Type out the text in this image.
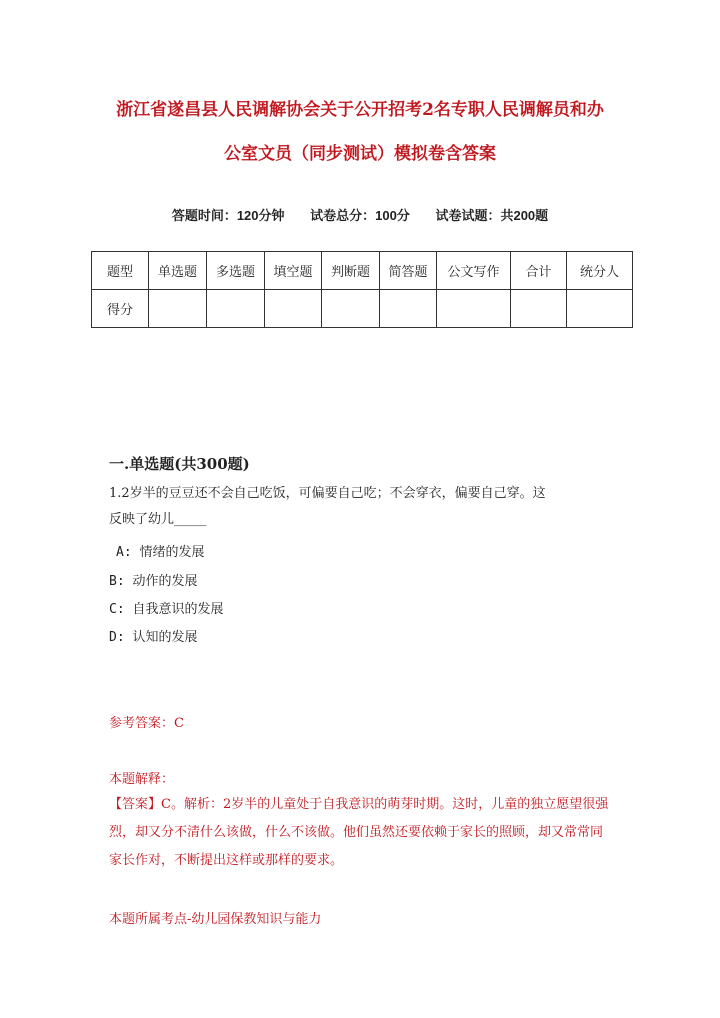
浙江省遂昌县人民调解协会关于公开招考2名专职人民调解员和办
公室文员（同步测试）模拟卷含答案
答题时间：120分钟 试卷总分：100分 试卷试题：共200题
题型	单选题	多选题	填空题	判断题	简答题	公文写作	合计	统分人
得分								
一.单选题(共300题)
1.2岁半的豆豆还不会自己吃饭，可偏要自己吃；不会穿衣，偏要自己穿。这
反映了幼儿_____
A: 情绪的发展
B: 动作的发展
C: 自我意识的发展
D: 认知的发展
参考答案：C
本题解释：
【答案】C。解析：2岁半的儿童处于自我意识的萌芽时期。这时，儿童的独立愿望很强烈，却又分不清什么该做，什么不该做。他们虽然还要依赖于家长的照顾，却又常常同家长作对，不断提出这样或那样的要求。
本题所属考点-幼儿园保教知识与能力
